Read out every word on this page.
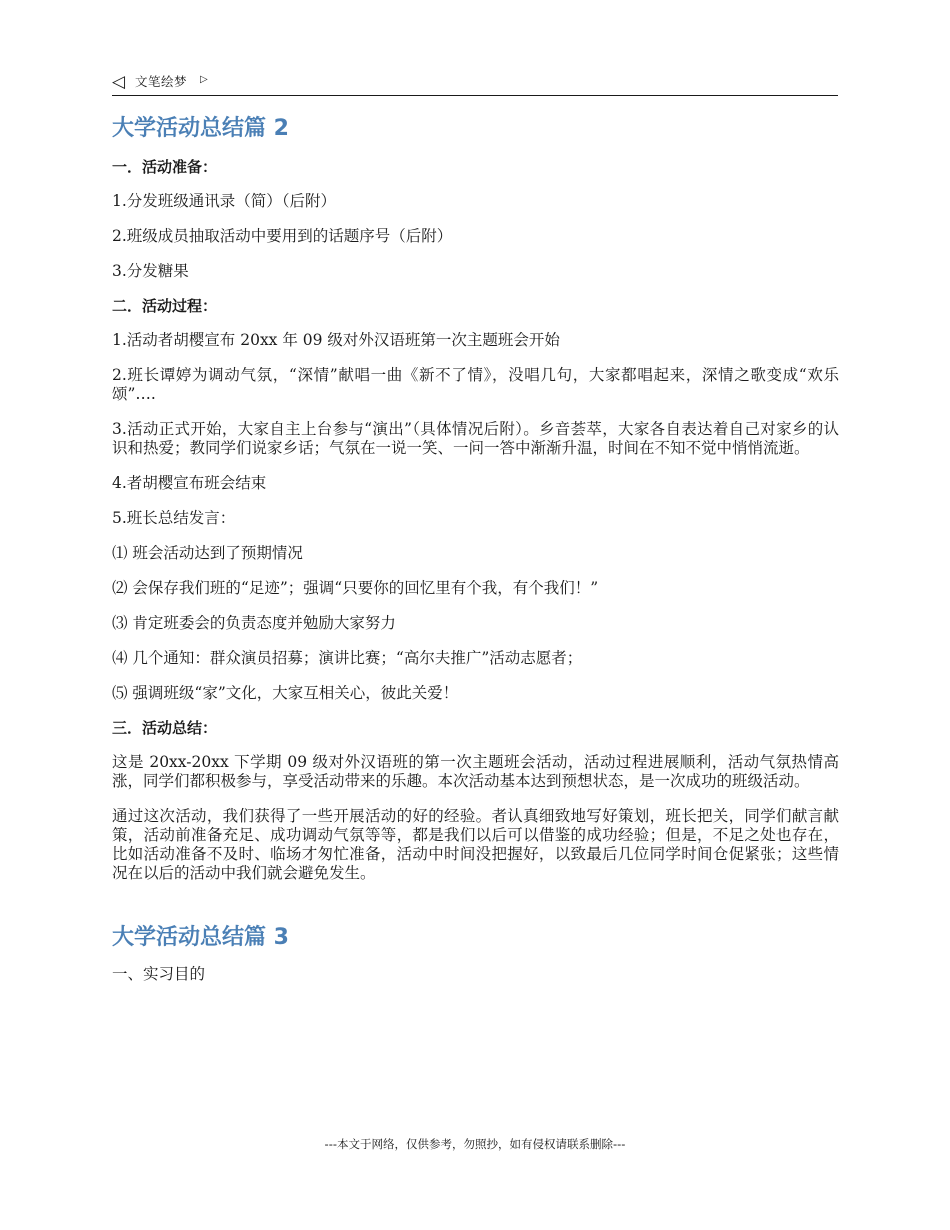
◁ 文笔绘梦 ▷
大学活动总结篇 2
一．活动准备：

1.分发班级通讯录（简）（后附）

2.班级成员抽取活动中要用到的话题序号（后附）

3.分发糖果

二．活动过程：

1.活动者胡樱宣布 20xx 年 09 级对外汉语班第一次主题班会开始

2.班长谭婷为调动气氛，“深情”献唱一曲《新不了情》，没唱几句，大家都唱起来，深情之歌变成“欢乐颂”….

3.活动正式开始，大家自主上台参与“演出”（具体情况后附）。乡音荟萃，大家各自表达着自己对家乡的认识和热爱；教同学们说家乡话；气氛在一说一笑、一问一答中渐渐升温，时间在不知不觉中悄悄流逝。

4.者胡樱宣布班会结束

5.班长总结发言：

⑴ 班会活动达到了预期情况

⑵ 会保存我们班的“足迹”；强调“只要你的回忆里有个我，有个我们！”

⑶ 肯定班委会的负责态度并勉励大家努力

⑷ 几个通知：群众演员招募；演讲比赛；“高尔夫推广”活动志愿者；

⑸ 强调班级“家”文化，大家互相关心，彼此关爱！

三．活动总结：

这是 20xx-20xx 下学期 09 级对外汉语班的第一次主题班会活动，活动过程进展顺利，活动气氛热情高涨，同学们都积极参与，享受活动带来的乐趣。本次活动基本达到预想状态，是一次成功的班级活动。

通过这次活动，我们获得了一些开展活动的好的经验。者认真细致地写好策划，班长把关，同学们献言献策，活动前准备充足、成功调动气氛等等，都是我们以后可以借鉴的成功经验；但是，不足之处也存在，比如活动准备不及时、临场才匆忙准备，活动中时间没把握好，以致最后几位同学时间仓促紧张；这些情况在以后的活动中我们就会避免发生。

大学活动总结篇 3

一、实习目的

---本文于网络，仅供参考，勿照抄，如有侵权请联系删除---
